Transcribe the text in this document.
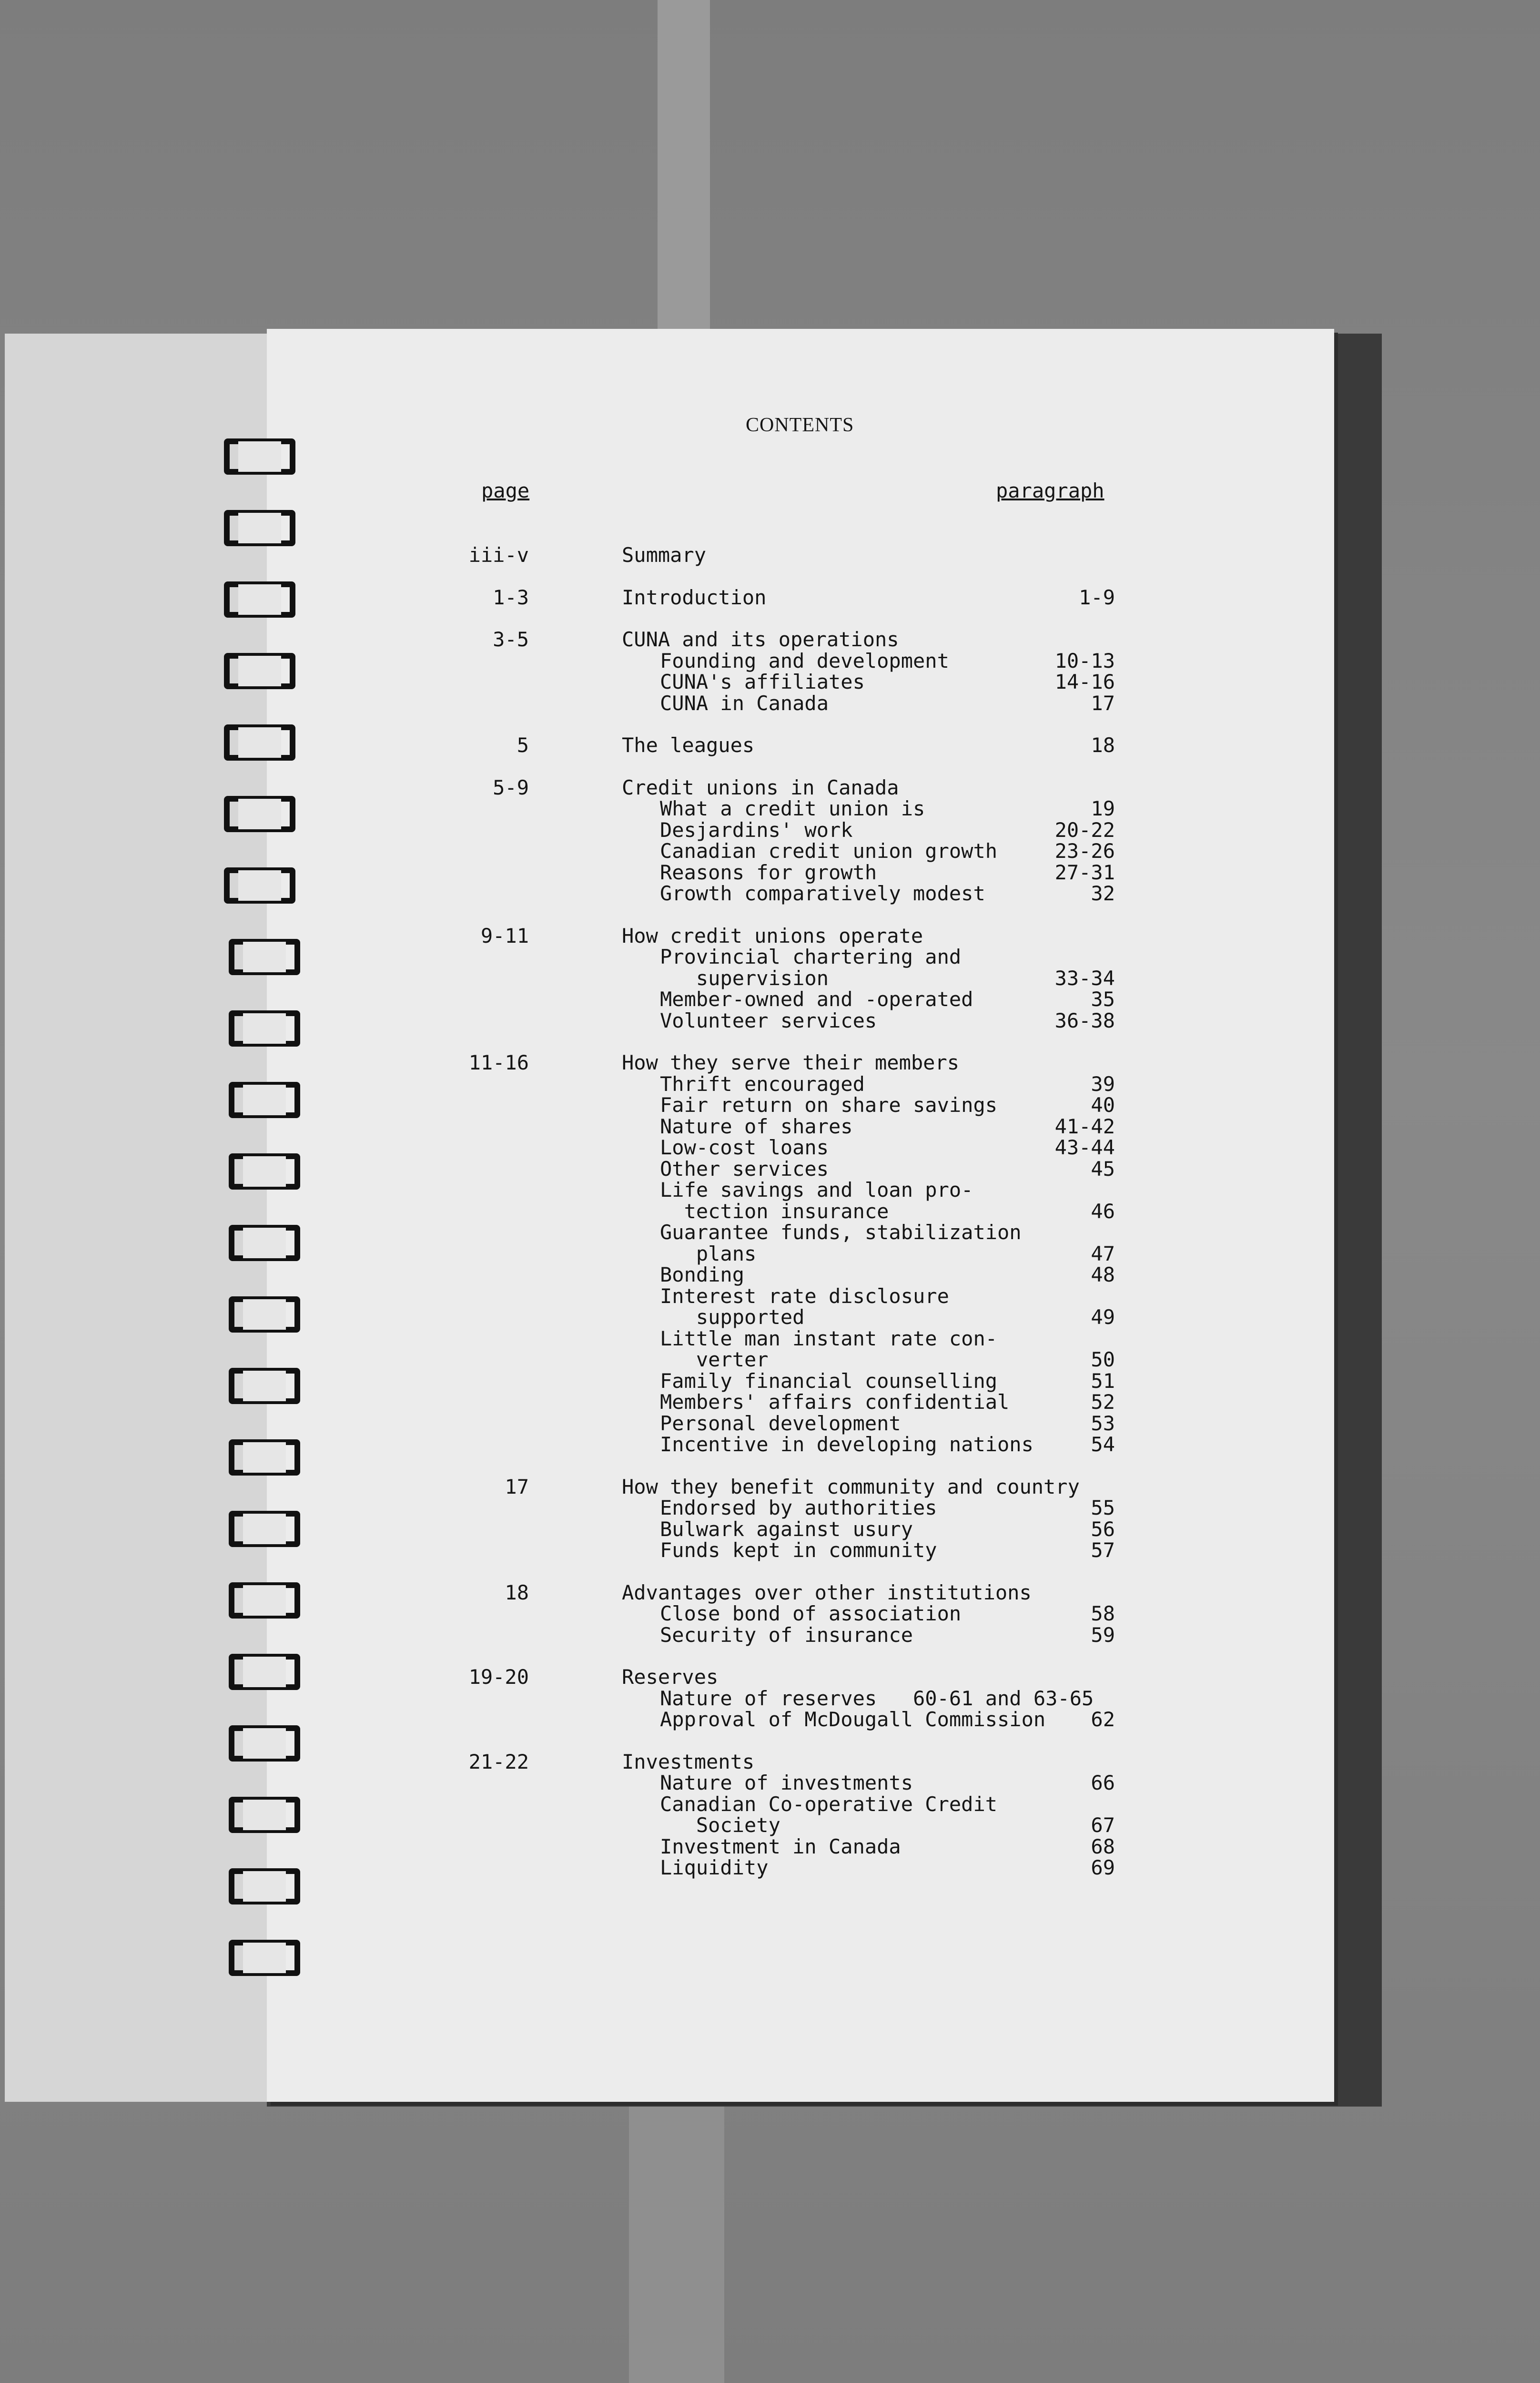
CONTENTS
page	paragraph
iii-v	Summary
1-3	Introduction	1-9
3-5	CUNA and its operations
Founding and development	10-13
CUNA's affiliates	14-16
CUNA in Canada	17
5	The leagues	18
5-9	Credit unions in Canada
What a credit union is	19
Desjardins' work	20-22
Canadian credit union growth	23-26
Reasons for growth	27-31
Growth comparatively modest	32
9-11	How credit unions operate
Provincial chartering and
supervision	33-34
Member-owned and -operated	35
Volunteer services	36-38
11-16	How they serve their members
Thrift encouraged	39
Fair return on share savings	40
Nature of shares	41-42
Low-cost loans	43-44
Other services	45
Life savings and loan pro-
tection insurance	46
Guarantee funds, stabilization
plans	47
Bonding	48
Interest rate disclosure
supported	49
Little man instant rate con-
verter	50
Family financial counselling	51
Members' affairs confidential	52
Personal development	53
Incentive in developing nations	54
17	How they benefit community and country
Endorsed by authorities	55
Bulwark against usury	56
Funds kept in community	57
18	Advantages over other institutions
Close bond of association	58
Security of insurance	59
19-20	Reserves
Nature of reserves   60-61 and 63-65
Approval of McDougall Commission	62
21-22	Investments
Nature of investments	66
Canadian Co-operative Credit
Society	67
Investment in Canada	68
Liquidity	69
